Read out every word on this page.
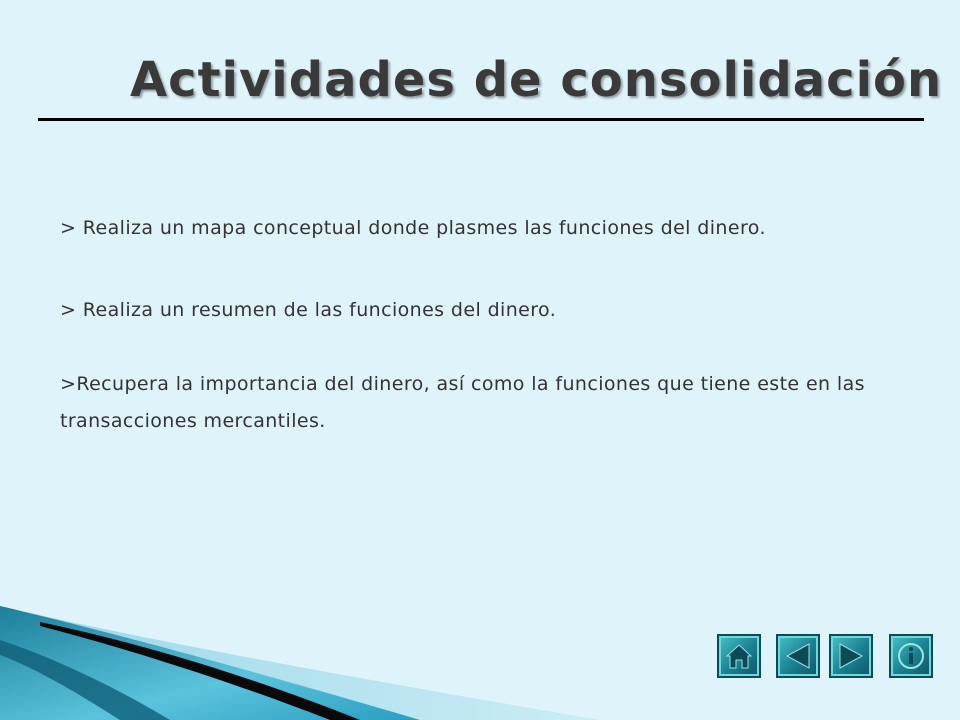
Actividades de consolidación

> Realiza un mapa conceptual donde plasmes las funciones del dinero.

> Realiza un resumen de las funciones del dinero.

>Recupera la importancia del dinero, así como la funciones que tiene este en las transacciones mercantiles.
